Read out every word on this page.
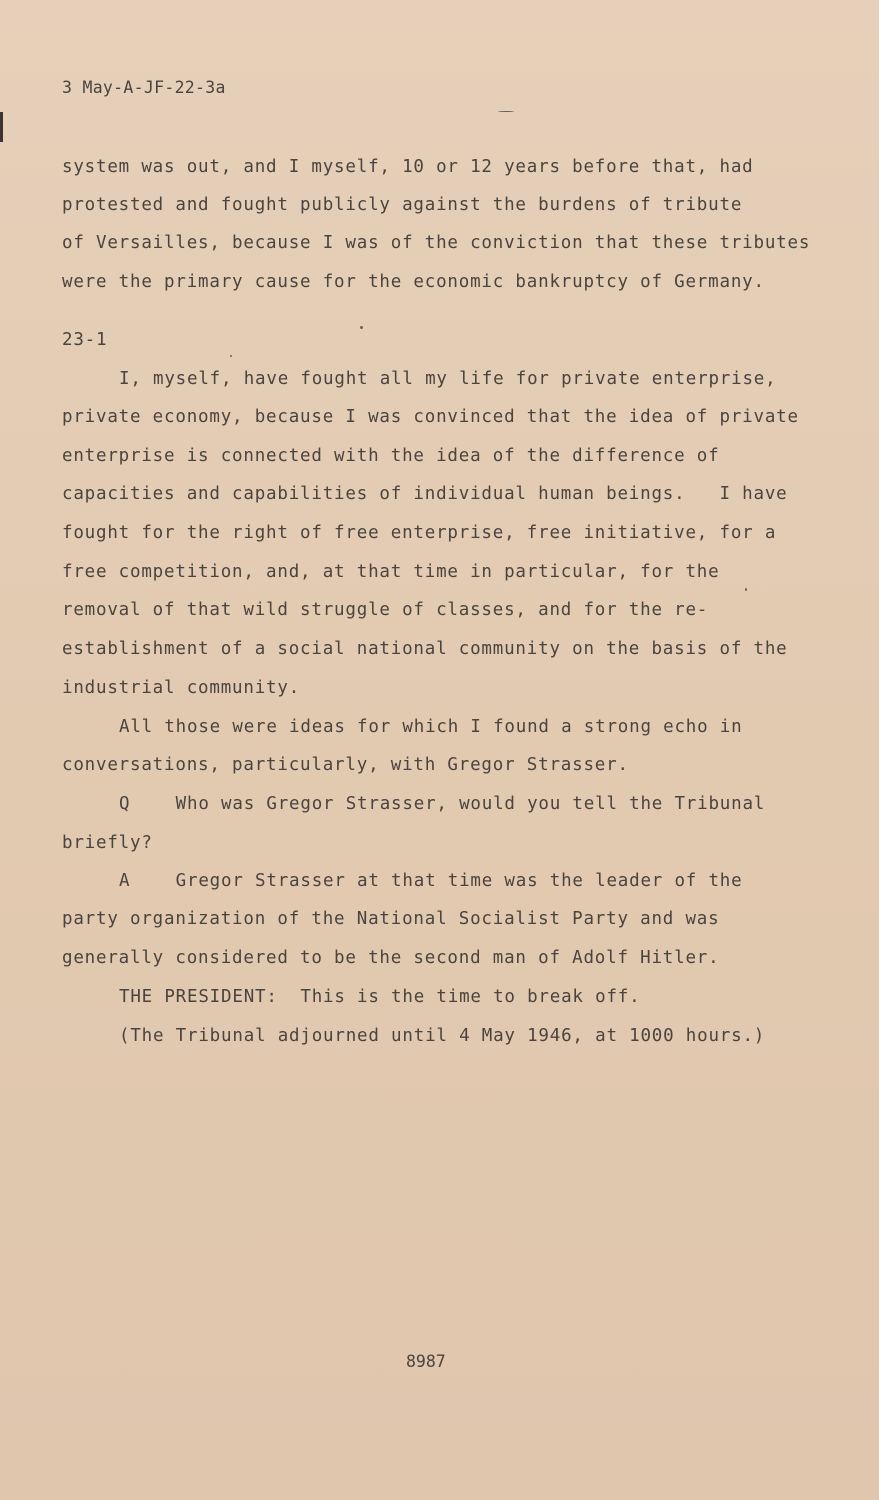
3 May-A-JF-22-3a
system was out, and I myself, 10 or 12 years before that, had
protested and fought publicly against the burdens of tribute
of Versailles, because I was of the conviction that these tributes
were the primary cause for the economic bankruptcy of Germany.
23-1
I, myself, have fought all my life for private enterprise,
private economy, because I was convinced that the idea of private
enterprise is connected with the idea of the difference of
capacities and capabilities of individual human beings.   I have
fought for the right of free enterprise, free initiative, for a
free competition, and, at that time in particular, for the
removal of that wild struggle of classes, and for the re-
establishment of a social national community on the basis of the
industrial community.
All those were ideas for which I found a strong echo in
conversations, particularly, with Gregor Strasser.
Q    Who was Gregor Strasser, would you tell the Tribunal
briefly?
A    Gregor Strasser at that time was the leader of the
party organization of the National Socialist Party and was
generally considered to be the second man of Adolf Hitler.
THE PRESIDENT:  This is the time to break off.
(The Tribunal adjourned until 4 May 1946, at 1000 hours.)
8987
